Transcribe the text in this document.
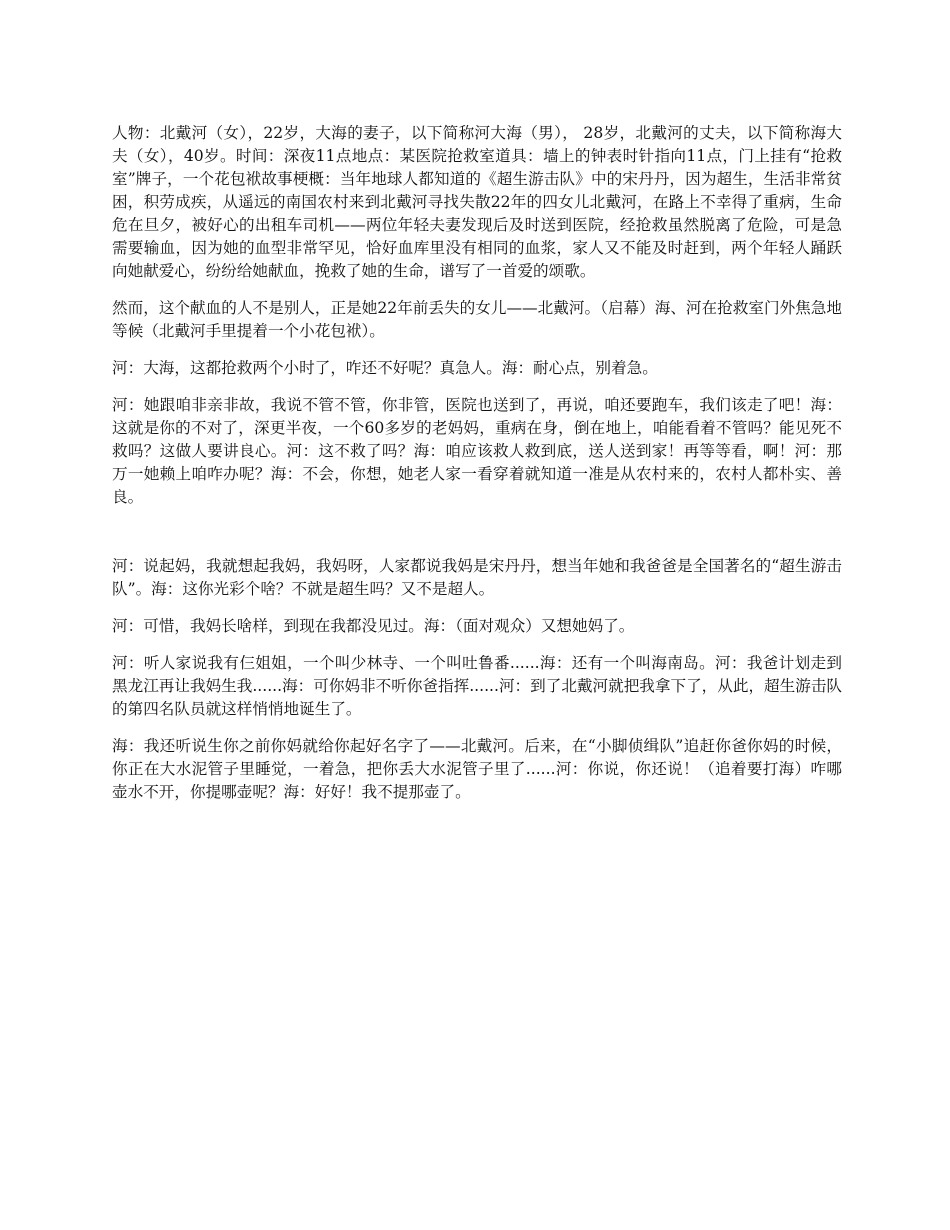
人物：北戴河（女），22岁，大海的妻子，以下简称河大海（男）， 28岁，北戴河的丈夫，以下简称海大夫（女），40岁。时间：深夜11点地点：某医院抢救室道具：墙上的钟表时针指向11点，门上挂有“抢救室”牌子，一个花包袱故事梗概：当年地球人都知道的《超生游击队》中的宋丹丹，因为超生，生活非常贫困，积劳成疾，从遥远的南国农村来到北戴河寻找失散22年的四女儿北戴河，在路上不幸得了重病，生命危在旦夕，被好心的出租车司机——两位年轻夫妻发现后及时送到医院，经抢救虽然脱离了危险，可是急需要输血，因为她的血型非常罕见，恰好血库里没有相同的血浆，家人又不能及时赶到，两个年轻人踊跃向她献爱心，纷纷给她献血，挽救了她的生命，谱写了一首爱的颂歌。

然而，这个献血的人不是别人，正是她22年前丢失的女儿——北戴河。（启幕）海、河在抢救室门外焦急地等候（北戴河手里提着一个小花包袱）。

河：大海，这都抢救两个小时了，咋还不好呢？真急人。海：耐心点，别着急。

河：她跟咱非亲非故，我说不管不管，你非管，医院也送到了，再说，咱还要跑车，我们该走了吧！海：这就是你的不对了，深更半夜，一个60多岁的老妈妈，重病在身，倒在地上，咱能看着不管吗？能见死不救吗？这做人要讲良心。河：这不救了吗？海：咱应该救人救到底，送人送到家！再等等看，啊！河：那万一她赖上咱咋办呢？海：不会，你想，她老人家一看穿着就知道一准是从农村来的，农村人都朴实、善良。

河：说起妈，我就想起我妈，我妈呀，人家都说我妈是宋丹丹，想当年她和我爸爸是全国著名的“超生游击队”。海：这你光彩个啥？不就是超生吗？又不是超人。

河：可惜，我妈长啥样，到现在我都没见过。海：（面对观众）又想她妈了。

河：听人家说我有仨姐姐，一个叫少林寺、一个叫吐鲁番......海：还有一个叫海南岛。河：我爸计划走到黑龙江再让我妈生我......海：可你妈非不听你爸指挥......河：到了北戴河就把我拿下了，从此，超生游击队的第四名队员就这样悄悄地诞生了。

海：我还听说生你之前你妈就给你起好名字了——北戴河。后来，在“小脚侦缉队”追赶你爸你妈的时候，你正在大水泥管子里睡觉，一着急，把你丢大水泥管子里了......河：你说，你还说！（追着要打海）咋哪壶水不开，你提哪壶呢？海：好好！我不提那壶了。
